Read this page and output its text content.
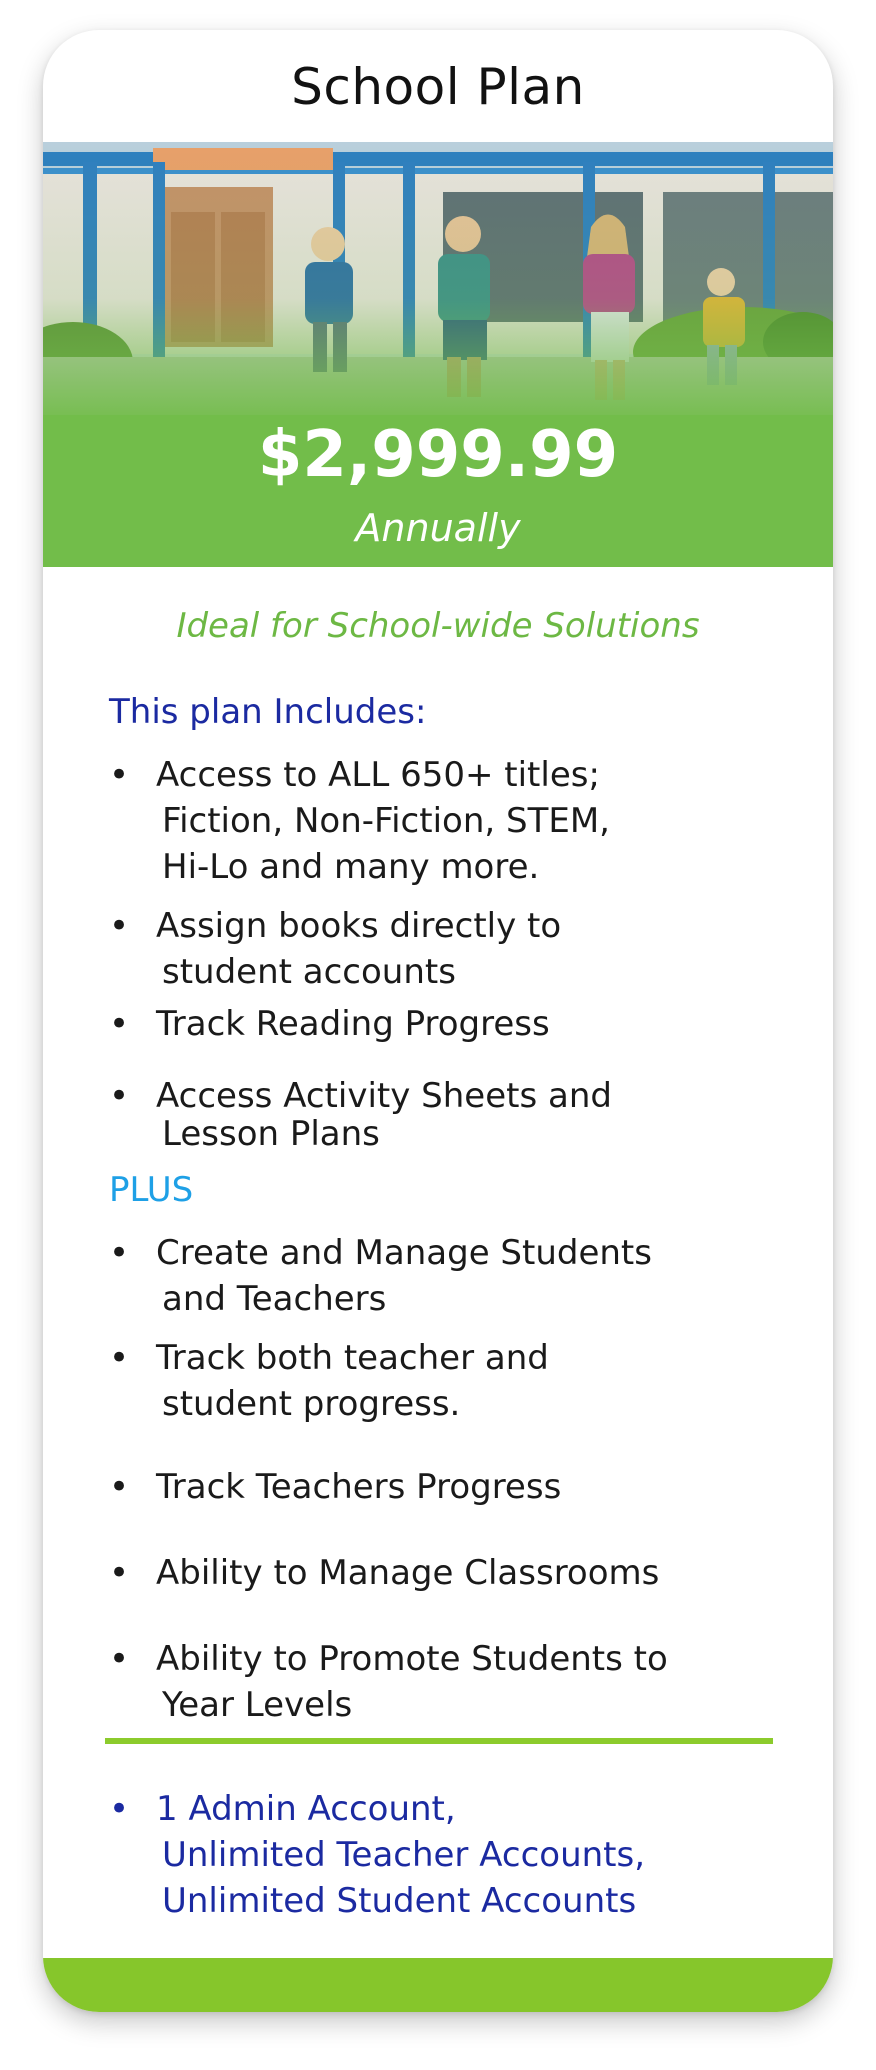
School Plan
$2,999.99
Annually
Ideal for School-wide Solutions
This plan Includes:
• Access to ALL 650+ titles;
Fiction, Non-Fiction, STEM,
Hi-Lo and many more.
• Assign books directly to
student accounts
• Track Reading Progress
• Access Activity Sheets and
Lesson Plans
PLUS
• Create and Manage Students
and Teachers
• Track both teacher and
student progress.
• Track Teachers Progress
• Ability to Manage Classrooms
• Ability to Promote Students to
Year Levels
• 1 Admin Account,
Unlimited Teacher Accounts,
Unlimited Student Accounts
